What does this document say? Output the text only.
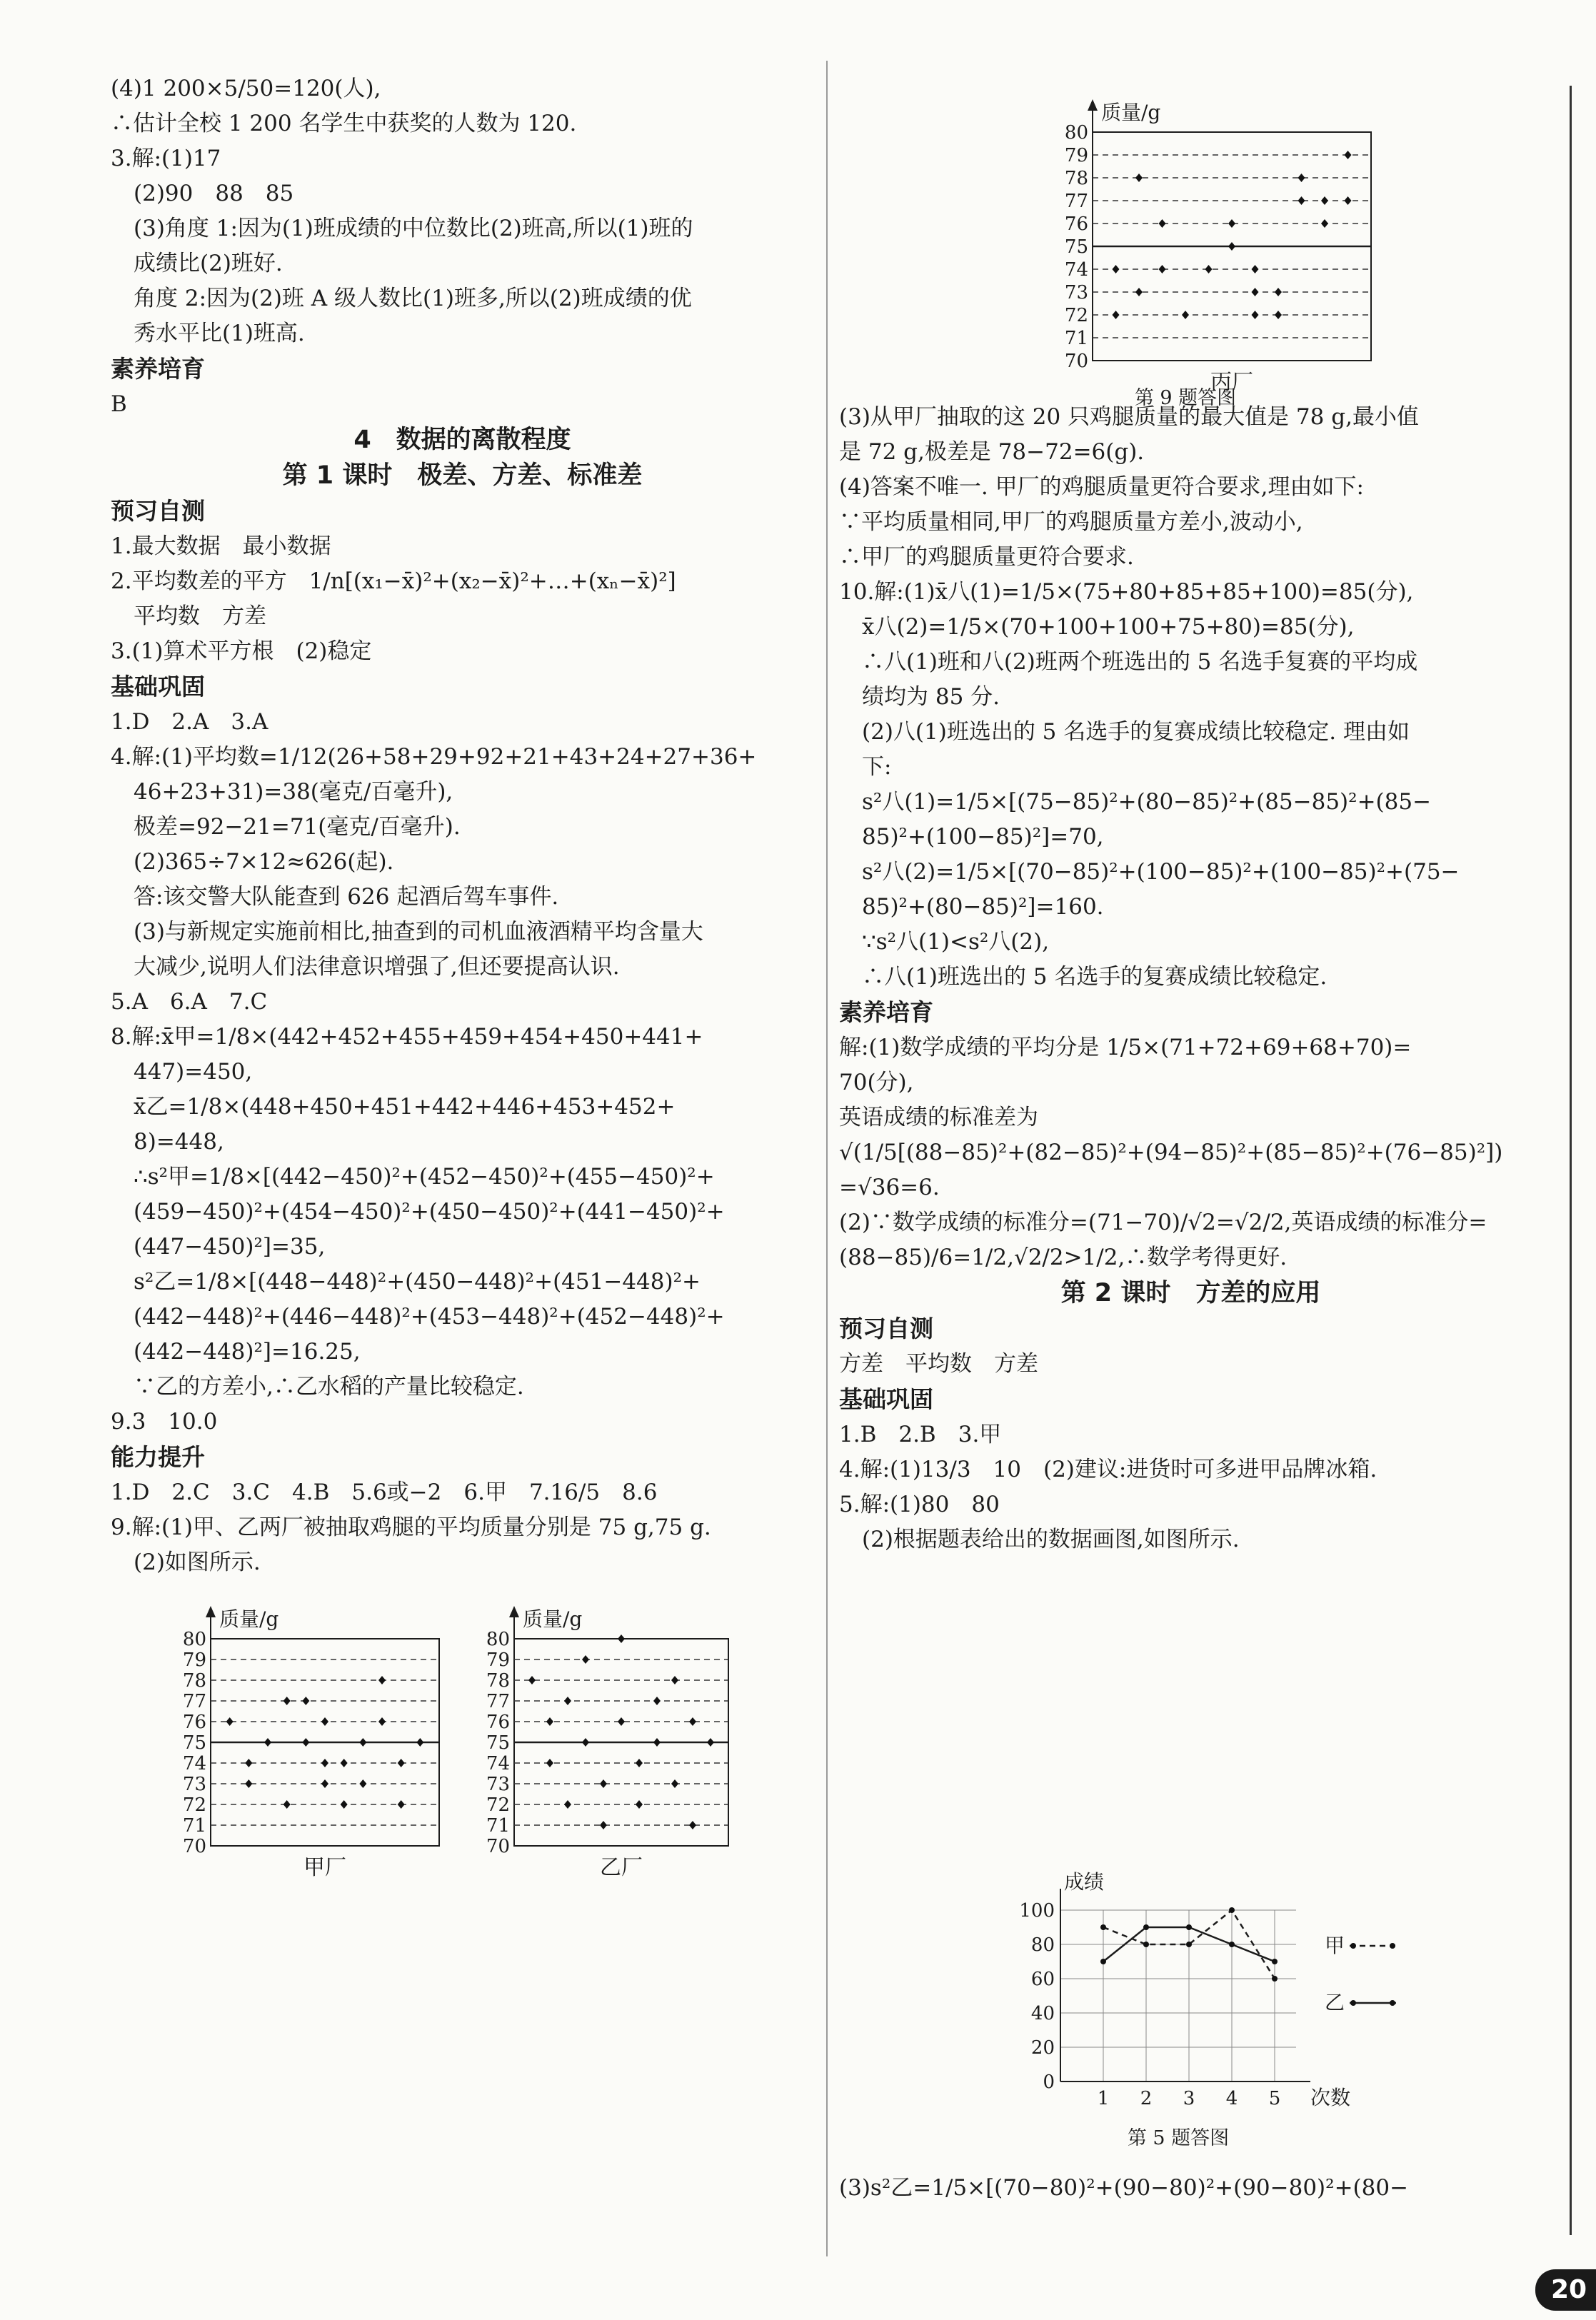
(4)1 200×5/50=120(人),
∴估计全校 1 200 名学生中获奖的人数为 120.
3.解:(1)17
(2)90　88　85
(3)角度 1:因为(1)班成绩的中位数比(2)班高,所以(1)班的
成绩比(2)班好.
角度 2:因为(2)班 A 级人数比(1)班多,所以(2)班成绩的优
秀水平比(1)班高.
素养培育
B
4　数据的离散程度
第 1 课时　极差、方差、标准差
预习自测
1.最大数据　最小数据
2.平均数差的平方　1/n[(x₁−x̄)²+(x₂−x̄)²+…+(xₙ−x̄)²]
平均数　方差
3.(1)算术平方根　(2)稳定
基础巩固
1.D　2.A　3.A
4.解:(1)平均数=1/12(26+58+29+92+21+43+24+27+36+
46+23+31)=38(毫克/百毫升),
极差=92−21=71(毫克/百毫升).
(2)365÷7×12≈626(起).
答:该交警大队能查到 626 起酒后驾车事件.
(3)与新规定实施前相比,抽查到的司机血液酒精平均含量大
大减少,说明人们法律意识增强了,但还要提高认识.
5.A　6.A　7.C
8.解:x̄甲=1/8×(442+452+455+459+454+450+441+
447)=450,
x̄乙=1/8×(448+450+451+442+446+453+452+
8)=448,
∴s²甲=1/8×[(442−450)²+(452−450)²+(455−450)²+
(459−450)²+(454−450)²+(450−450)²+(441−450)²+
(447−450)²]=35,
s²乙=1/8×[(448−448)²+(450−448)²+(451−448)²+
(442−448)²+(446−448)²+(453−448)²+(452−448)²+
(442−448)²]=16.25,
∵乙的方差小,∴乙水稻的产量比较稳定.
9.3　10.0
能力提升
1.D　2.C　3.C　4.B　5.6或−2　6.甲　7.16/5　8.6
9.解:(1)甲、乙两厂被抽取鸡腿的平均质量分别是 75 g,75 g.
(2)如图所示.
质量/g
70
71
72
73
74
75
76
77
78
79
80
甲厂
质量/g
70
71
72
73
74
75
76
77
78
79
80
乙厂
(3)从甲厂抽取的这 20 只鸡腿质量的最大值是 78 g,最小值
是 72 g,极差是 78−72=6(g).
(4)答案不唯一. 甲厂的鸡腿质量更符合要求,理由如下:
∵平均质量相同,甲厂的鸡腿质量方差小,波动小,
∴甲厂的鸡腿质量更符合要求.
10.解:(1)x̄八(1)=1/5×(75+80+85+85+100)=85(分),
x̄八(2)=1/5×(70+100+100+75+80)=85(分),
∴八(1)班和八(2)班两个班选出的 5 名选手复赛的平均成
绩均为 85 分.
(2)八(1)班选出的 5 名选手的复赛成绩比较稳定. 理由如
下:
s²八(1)=1/5×[(75−85)²+(80−85)²+(85−85)²+(85−
85)²+(100−85)²]=70,
s²八(2)=1/5×[(70−85)²+(100−85)²+(100−85)²+(75−
85)²+(80−85)²]=160.
∵s²八(1)<s²八(2),
∴八(1)班选出的 5 名选手的复赛成绩比较稳定.
素养培育
解:(1)数学成绩的平均分是 1/5×(71+72+69+68+70)=
70(分),
英语成绩的标准差为
√(1/5[(88−85)²+(82−85)²+(94−85)²+(85−85)²+(76−85)²])
=√36=6.
(2)∵数学成绩的标准分=(71−70)/√2=√2/2,英语成绩的标准分=
(88−85)/6=1/2,√2/2>1/2,∴数学考得更好.
第 2 课时　方差的应用
预习自测
方差　平均数　方差
基础巩固
1.B　2.B　3.甲
4.解:(1)13/3　10　(2)建议:进货时可多进甲品牌冰箱.
5.解:(1)80　80
(2)根据题表给出的数据画图,如图所示.
质量/g
70
71
72
73
74
75
76
77
78
79
80
丙厂
第 9 题答图
0
20
40
60
80
100
1 2 3 4 5
成绩
次数
甲
乙
第 5 题答图
(3)s²乙=1/5×[(70−80)²+(90−80)²+(90−80)²+(80−
20
